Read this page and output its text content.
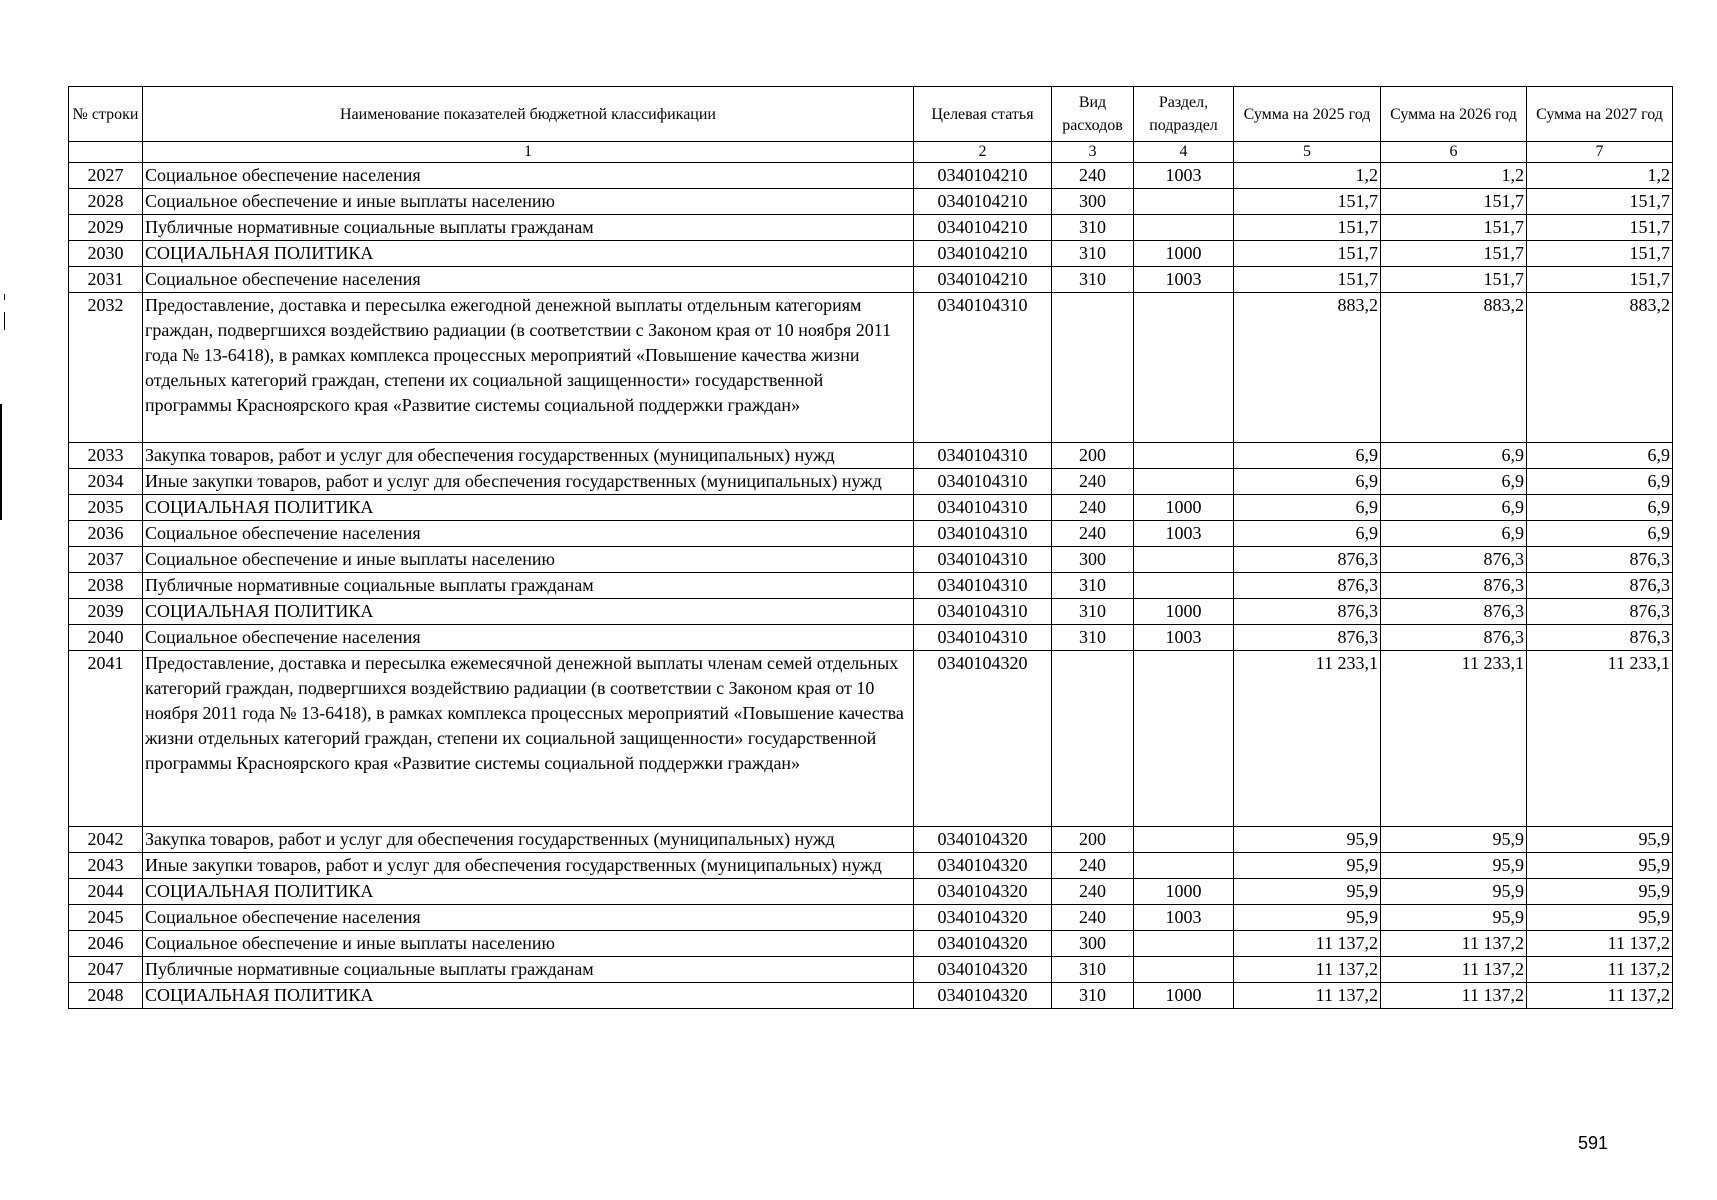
№ строки	Наименование показателей бюджетной классификации	Целевая статья	Вид расходов	Раздел, подраздел	Сумма на 2025 год	Сумма на 2026 год	Сумма на 2027 год
	1	2	3	4	5	6	7
2027	Социальное обеспечение населения	0340104210	240	1003	1,2	1,2	1,2
2028	Социальное обеспечение и иные выплаты населению	0340104210	300		151,7	151,7	151,7
2029	Публичные нормативные социальные выплаты гражданам	0340104210	310		151,7	151,7	151,7
2030	СОЦИАЛЬНАЯ ПОЛИТИКА	0340104210	310	1000	151,7	151,7	151,7
2031	Социальное обеспечение населения	0340104210	310	1003	151,7	151,7	151,7
2032	Предоставление, доставка и пересылка ежегодной денежной выплаты отдельным категориям граждан, подвергшихся воздействию радиации (в соответствии с Законом края от 10 ноября 2011 года № 13-6418), в рамках комплекса процессных мероприятий «Повышение качества жизни отдельных категорий граждан, степени их социальной защищенности» государственной программы Красноярского края «Развитие системы социальной поддержки граждан»	0340104310			883,2	883,2	883,2
2033	Закупка товаров, работ и услуг для обеспечения государственных (муниципальных) нужд	0340104310	200		6,9	6,9	6,9
2034	Иные закупки товаров, работ и услуг для обеспечения государственных (муниципальных) нужд	0340104310	240		6,9	6,9	6,9
2035	СОЦИАЛЬНАЯ ПОЛИТИКА	0340104310	240	1000	6,9	6,9	6,9
2036	Социальное обеспечение населения	0340104310	240	1003	6,9	6,9	6,9
2037	Социальное обеспечение и иные выплаты населению	0340104310	300		876,3	876,3	876,3
2038	Публичные нормативные социальные выплаты гражданам	0340104310	310		876,3	876,3	876,3
2039	СОЦИАЛЬНАЯ ПОЛИТИКА	0340104310	310	1000	876,3	876,3	876,3
2040	Социальное обеспечение населения	0340104310	310	1003	876,3	876,3	876,3
2041	Предоставление, доставка и пересылка ежемесячной денежной выплаты членам семей отдельных категорий граждан, подвергшихся воздействию радиации (в соответствии с Законом края от 10 ноября 2011 года № 13-6418), в рамках комплекса процессных мероприятий «Повышение качества жизни отдельных категорий граждан, степени их социальной защищенности» государственной программы Красноярского края «Развитие системы социальной поддержки граждан»	0340104320			11 233,1	11 233,1	11 233,1
2042	Закупка товаров, работ и услуг для обеспечения государственных (муниципальных) нужд	0340104320	200		95,9	95,9	95,9
2043	Иные закупки товаров, работ и услуг для обеспечения государственных (муниципальных) нужд	0340104320	240		95,9	95,9	95,9
2044	СОЦИАЛЬНАЯ ПОЛИТИКА	0340104320	240	1000	95,9	95,9	95,9
2045	Социальное обеспечение населения	0340104320	240	1003	95,9	95,9	95,9
2046	Социальное обеспечение и иные выплаты населению	0340104320	300		11 137,2	11 137,2	11 137,2
2047	Публичные нормативные социальные выплаты гражданам	0340104320	310		11 137,2	11 137,2	11 137,2
2048	СОЦИАЛЬНАЯ ПОЛИТИКА	0340104320	310	1000	11 137,2	11 137,2	11 137,2
591
